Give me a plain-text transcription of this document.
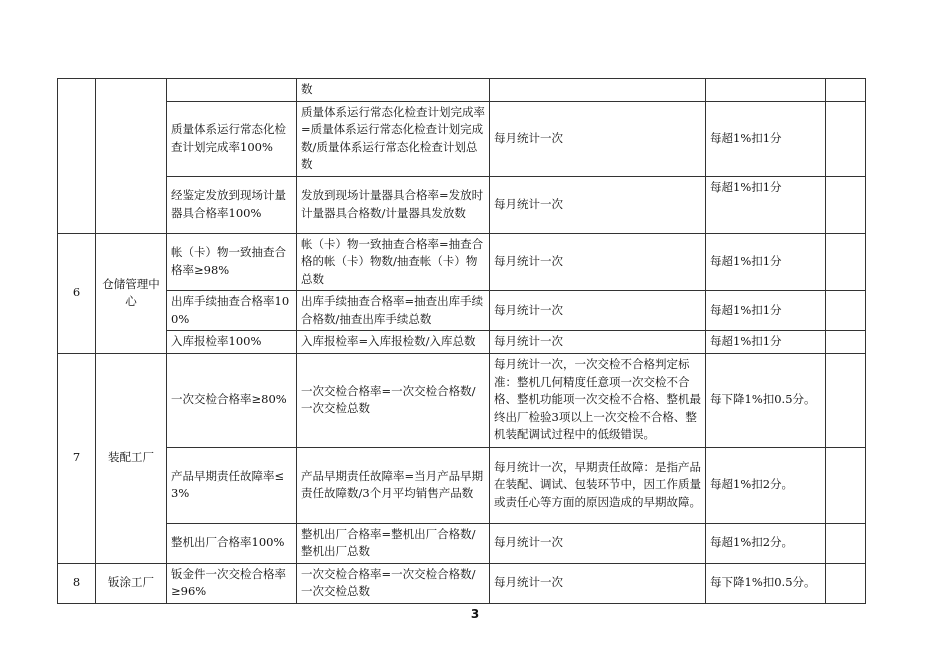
			数			
		质量体系运行常态化检查计划完成率100%	质量体系运行常态化检查计划完成率=质量体系运行常态化检查计划完成数/质量体系运行常态化检查计划总数	每月统计一次	每超1%扣1分	
		经鉴定发放到现场计量器具合格率100%	发放到现场计量器具合格率=发放时计量器具合格数/计量器具发放数	每月统计一次	每超1%扣1分	
6	仓储管理中心	帐（卡）物一致抽查合格率≥98%	帐（卡）物一致抽查合格率=抽查合格的帐（卡）物数/抽查帐（卡）物总数	每月统计一次	每超1%扣1分	
		出库手续抽查合格率100%	出库手续抽查合格率=抽查出库手续合格数/抽查出库手续总数	每月统计一次	每超1%扣1分	
		入库报检率100%	入库报检率=入库报检数/入库总数	每月统计一次	每超1%扣1分	
7	装配工厂	一次交检合格率≥80%	一次交检合格率=一次交检合格数/一次交检总数	每月统计一次，一次交检不合格判定标准：整机几何精度任意项一次交检不合格、整机功能项一次交检不合格、整机最终出厂检验3项以上一次交检不合格、整机装配调试过程中的低级错误。	每下降1%扣0.5分。	
		产品早期责任故障率≤3%	产品早期责任故障率=当月产品早期责任故障数/3个月平均销售产品数	每月统计一次，早期责任故障：是指产品在装配、调试、包装环节中，因工作质量或责任心等方面的原因造成的早期故障。	每超1%扣2分。	
		整机出厂合格率100%	整机出厂合格率=整机出厂合格数/整机出厂总数	每月统计一次	每超1%扣2分。	
8	钣涂工厂	钣金件一次交检合格率≥96%	一次交检合格率=一次交检合格数/一次交检总数	每月统计一次	每下降1%扣0.5分。	
3
